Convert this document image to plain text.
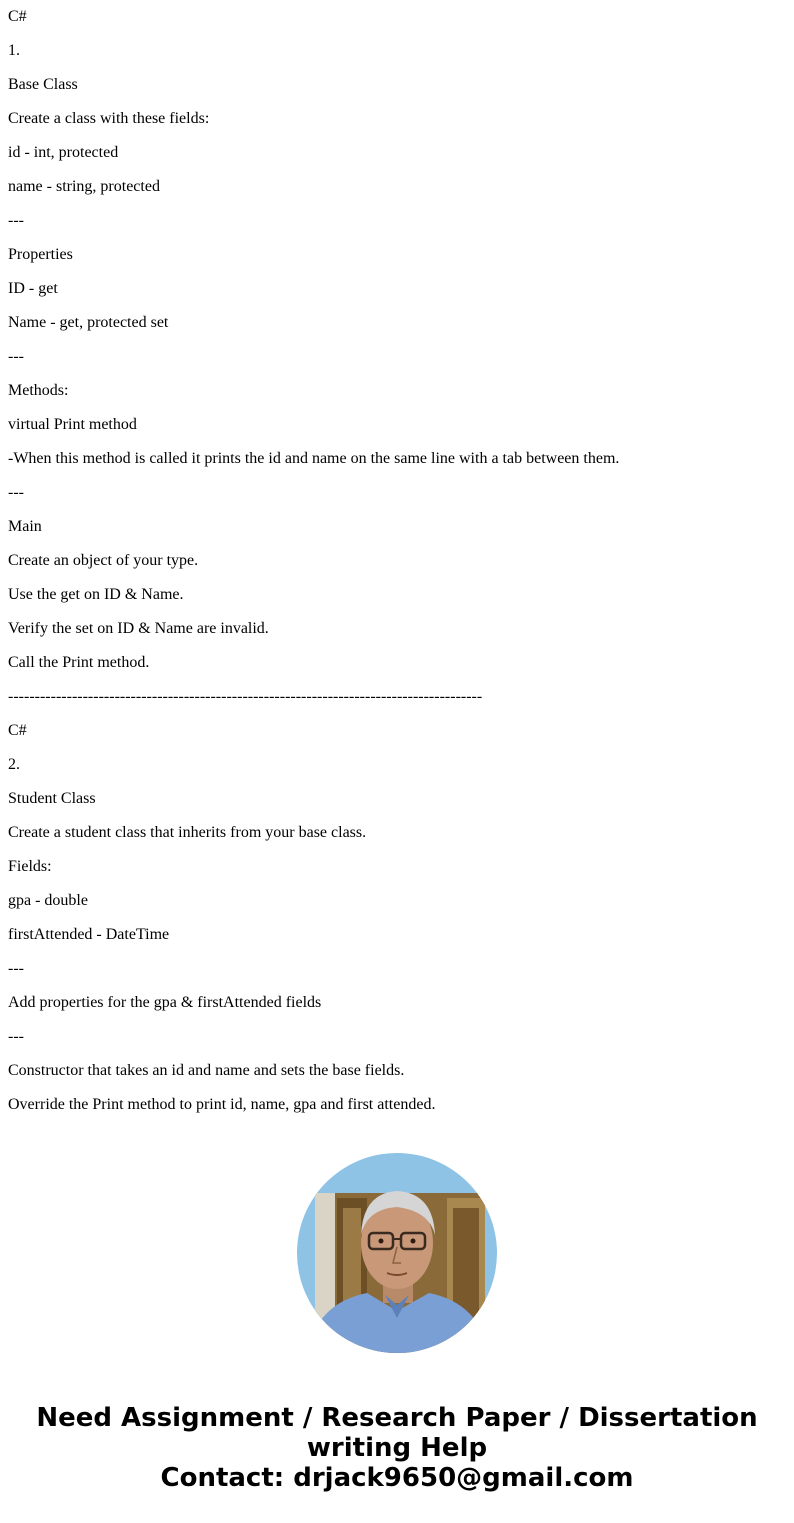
C#

1.

Base Class

Create a class with these fields:

id - int, protected

name - string, protected

---

Properties

ID - get

Name - get, protected set

---

Methods:

virtual Print method

-When this method is called it prints the id and name on the same line with a tab between them.

---

Main

Create an object of your type.

Use the get on ID & Name.

Verify the set on ID & Name are invalid.

Call the Print method.

-----------------------------------------------------------------------------------------

C#

2.

Student Class

Create a student class that inherits from your base class.

Fields:

gpa - double

firstAttended - DateTime

---

Add properties for the gpa & firstAttended fields

---

Constructor that takes an id and name and sets the base fields.

Override the Print method to print id, name, gpa and first attended.

Need Assignment / Research Paper / Dissertation
writing Help
Contact: drjack9650@gmail.com
